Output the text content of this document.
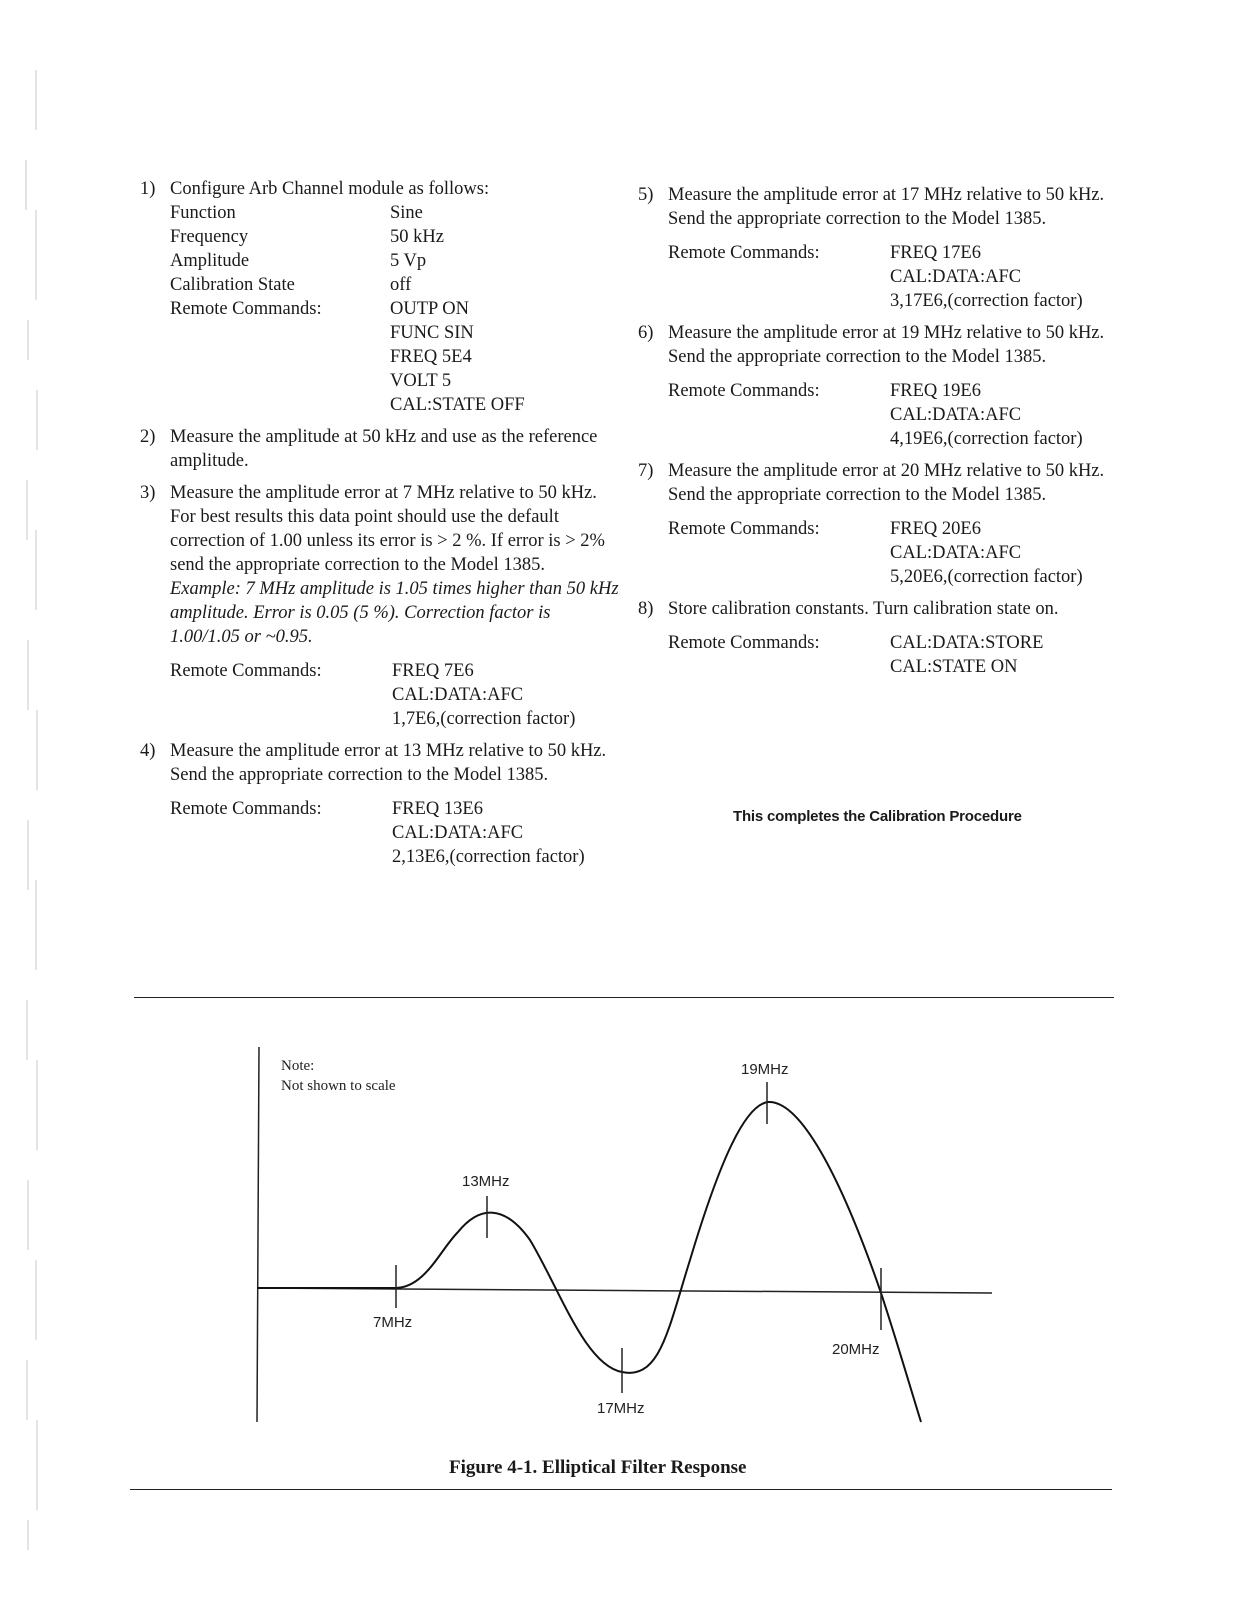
1) Configure Arb Channel module as follows:

Function	Sine
Frequency	50 kHz
Amplitude	5 Vp
Calibration State	off
Remote Commands:	OUTP ON
FUNC SIN
FREQ 5E4
VOLT 5
CAL:STATE OFF
2) Measure the amplitude at 50 kHz and use as the reference amplitude.

3) Measure the amplitude error at 7 MHz relative to 50 kHz. For best results this data point should use the default correction of 1.00 unless its error is > 2 %. If error is > 2% send the appropriate correction to the Model 1385.

Example: 7 MHz amplitude is 1.05 times higher than 50 kHz amplitude. Error is 0.05 (5 %). Correction factor is 1.00/1.05 or ~0.95.

Remote Commands:	FREQ 7E6
CAL:DATA:AFC
1,7E6,(correction factor)
4) Measure the amplitude error at 13 MHz relative to 50 kHz. Send the appropriate correction to the Model 1385.

Remote Commands:	FREQ 13E6
CAL:DATA:AFC
2,13E6,(correction factor)
5) Measure the amplitude error at 17 MHz relative to 50 kHz. Send the appropriate correction to the Model 1385.

Remote Commands:	FREQ 17E6
CAL:DATA:AFC
3,17E6,(correction factor)
6) Measure the amplitude error at 19 MHz relative to 50 kHz. Send the appropriate correction to the Model 1385.

Remote Commands:	FREQ 19E6
CAL:DATA:AFC
4,19E6,(correction factor)
7) Measure the amplitude error at 20 MHz relative to 50 kHz. Send the appropriate correction to the Model 1385.

Remote Commands:	FREQ 20E6
CAL:DATA:AFC
5,20E6,(correction factor)
8) Store calibration constants. Turn calibration state on.

Remote Commands:	CAL:DATA:STORE
CAL:STATE ON
This completes the Calibration Procedure
Note:
Not shown to scale
7MHz
13MHz
17MHz
19MHz
20MHz
Figure 4-1. Elliptical Filter Response
